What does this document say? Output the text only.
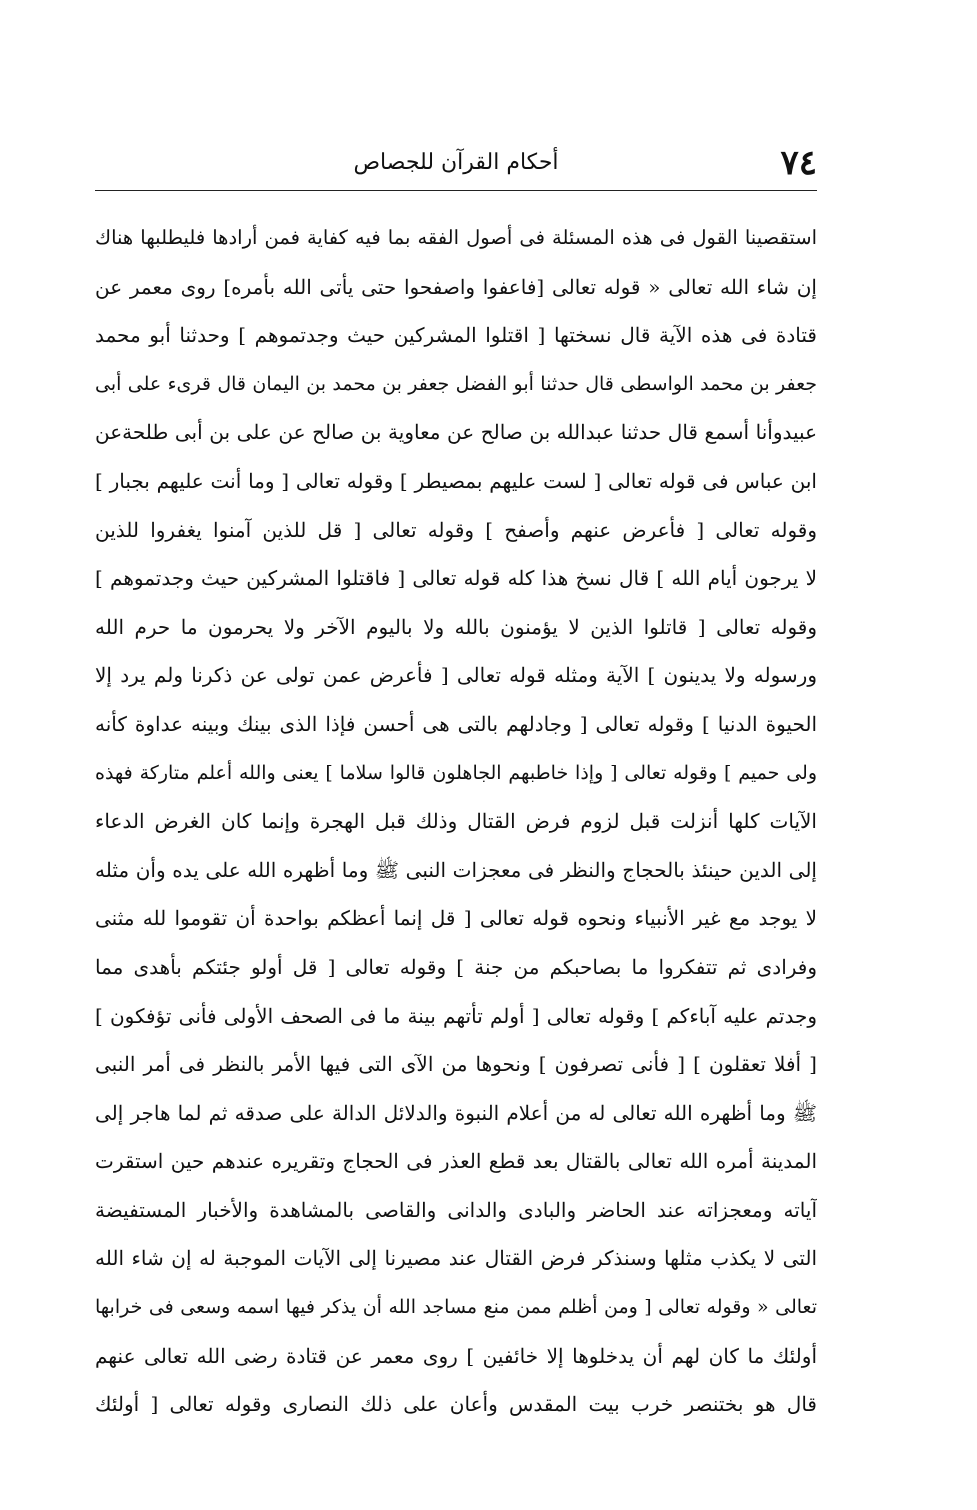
٧٤
أحكام القرآن للجصاص
استقصينا القول فى هذه المسئلة فى أصول الفقه بما فيه كفاية فمن أرادها فليطلبها هناك
إن شاء الله تعالى « قوله تعالى [فاعفوا واصفحوا حتى يأتى الله بأمره] روى معمر عن
قتادة فى هذه الآية قال نسختها [ اقتلوا المشركين حيث وجدتموهم ] وحدثنا أبو محمد
جعفر بن محمد الواسطى قال حدثنا أبو الفضل جعفر بن محمد بن اليمان قال قرىء على أبى
عبيدوأنا أسمع قال حدثنا عبدالله بن صالح عن معاوية بن صالح عن على بن أبى طلحةعن
ابن عباس فى قوله تعالى [ لست عليهم بمصيطر ] وقوله تعالى [ وما أنت عليهم بجبار ]
وقوله تعالى [ فأعرض عنهم وأصفح ] وقوله تعالى [ قل للذين آمنوا يغفروا للذين
لا يرجون أيام الله ] قال نسخ هذا كله قوله تعالى [ فاقتلوا المشركين حيث وجدتموهم ]
وقوله تعالى [ قاتلوا الذين لا يؤمنون بالله ولا باليوم الآخر ولا يحرمون ما حرم الله
ورسوله ولا يدينون ] الآية ومثله قوله تعالى [ فأعرض عمن تولى عن ذكرنا ولم يرد إلا
الحيوة الدنيا ] وقوله تعالى [ وجادلهم بالتى هى أحسن فإذا الذى بينك وبينه عداوة كأنه
ولى حميم ] وقوله تعالى [ وإذا خاطبهم الجاهلون قالوا سلاما ] يعنى والله أعلم متاركة فهذه
الآيات كلها أنزلت قبل لزوم فرض القتال وذلك قبل الهجرة وإنما كان الغرض الدعاء
إلى الدين حينئذ بالحجاج والنظر فى معجزات النبى ﷺ وما أظهره الله على يده وأن مثله
لا يوجد مع غير الأنبياء ونحوه قوله تعالى [ قل إنما أعظكم بواحدة أن تقوموا لله مثنى
وفرادى ثم تتفكروا ما بصاحبكم من جنة ] وقوله تعالى [ قل أولو جئتكم بأهدى مما
وجدتم عليه آباءكم ] وقوله تعالى [ أولم تأتهم بينة ما فى الصحف الأولى فأنى تؤفكون ]
[ أفلا تعقلون ] [ فأنى تصرفون ] ونحوها من الآى التى فيها الأمر بالنظر فى أمر النبى
ﷺ وما أظهره الله تعالى له من أعلام النبوة والدلائل الدالة على صدقه ثم لما هاجر إلى
المدينة أمره الله تعالى بالقتال بعد قطع العذر فى الحجاج وتقريره عندهم حين استقرت
آياته ومعجزاته عند الحاضر والبادى والدانى والقاصى بالمشاهدة والأخبار المستفيضة
التى لا يكذب مثلها وسنذكر فرض القتال عند مصيرنا إلى الآيات الموجبة له إن شاء الله
تعالى « وقوله تعالى [ ومن أظلم ممن منع مساجد الله أن يذكر فيها اسمه وسعى فى خرابها
أولئك ما كان لهم أن يدخلوها إلا خائفين ] روى معمر عن قتادة رضى الله تعالى عنهم
قال هو بختنصر خرب بيت المقدس وأعان على ذلك النصارى وقوله تعالى [ أولئك
